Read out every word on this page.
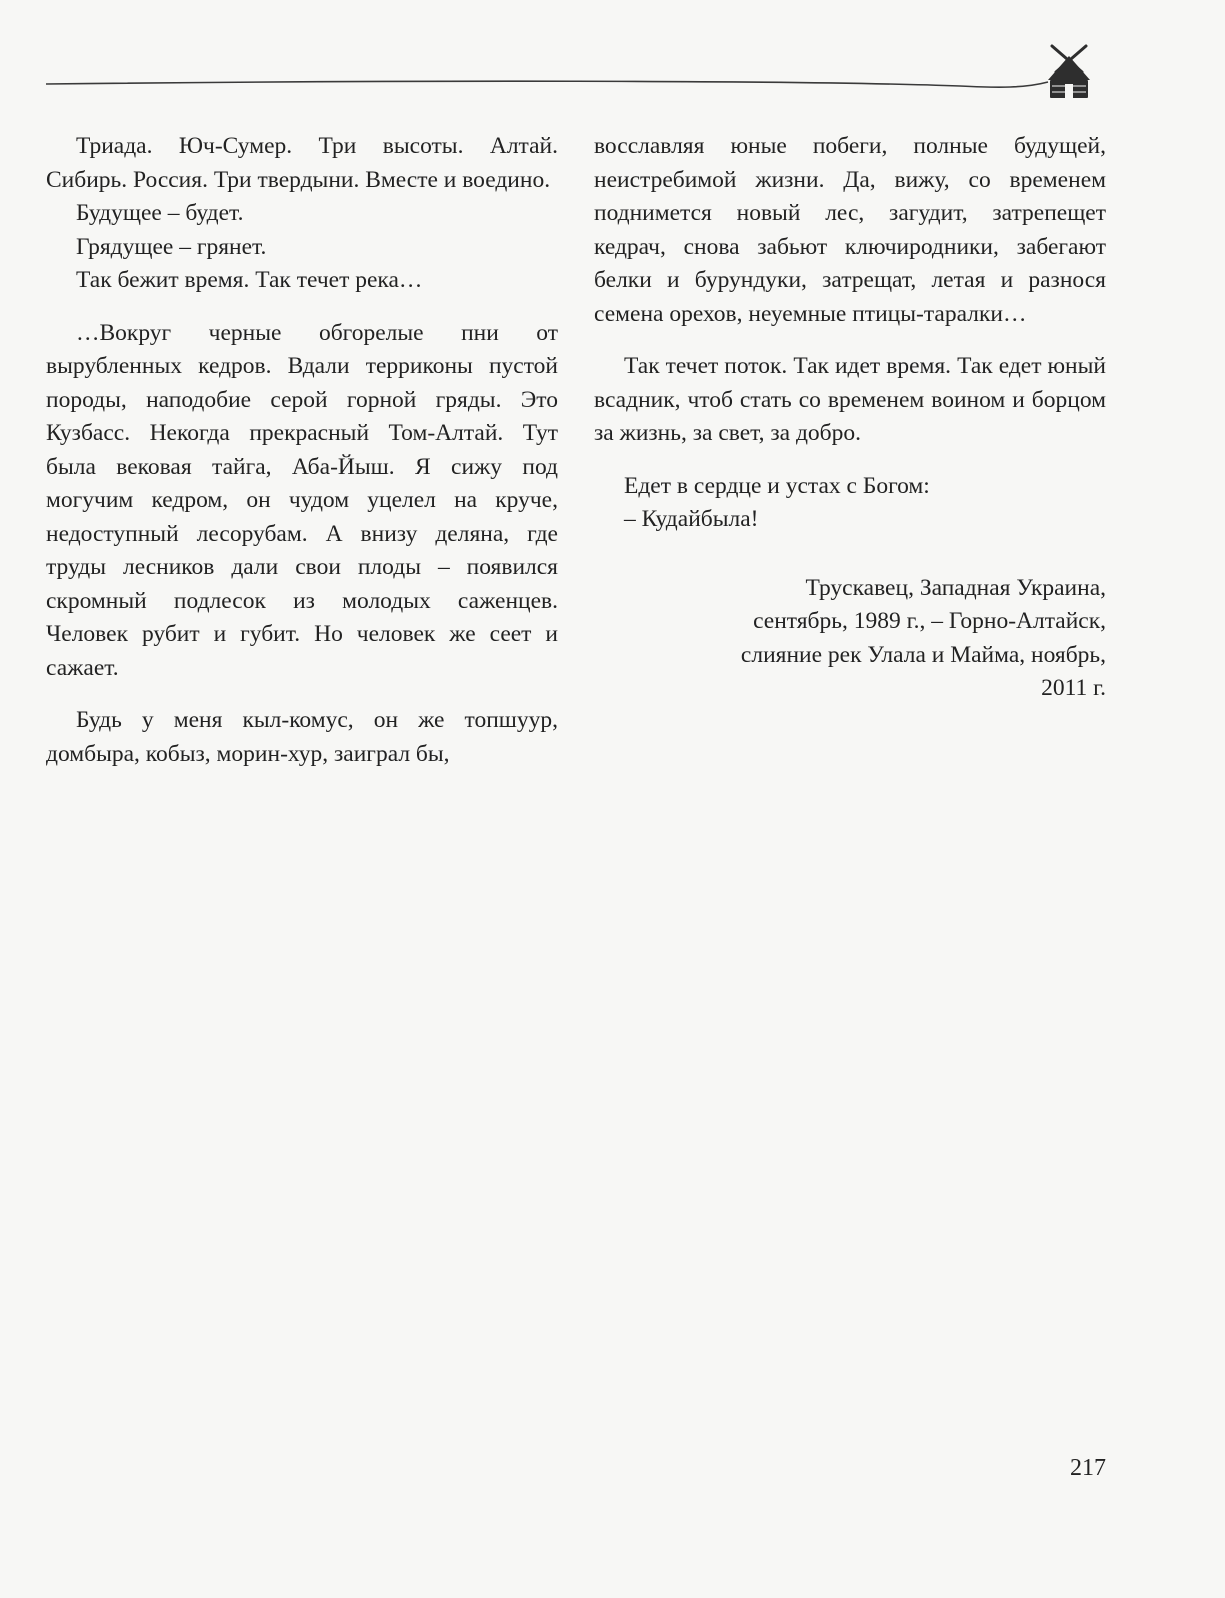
Триада. Юч-Сумер. Три высоты. Алтай. Сибирь. Россия. Три твердыни. Вместе и воедино.

Будущее – будет.

Грядущее – грянет.

Так бежит время. Так течет река…

…Вокруг черные обгорелые пни от вырубленных кедров. Вдали терриконы пустой породы, наподобие серой горной гряды. Это Кузбасс. Некогда прекрасный Том-Алтай. Тут была вековая тайга, Аба-Йыш. Я сижу под могучим кедром, он чудом уцелел на круче, недоступный лесорубам. А внизу деляна, где труды лесников дали свои плоды – появился скромный подлесок из молодых саженцев. Человек рубит и губит. Но человек же сеет и сажает.

Будь у меня кыл-комус, он же топшуур, домбыра, кобыз, морин-хур, заиграл бы,

восславляя юные побеги, полные будущей, неистребимой жизни. Да, вижу, со временем поднимется новый лес, загудит, затрепещет кедрач, снова забьют ключиродники, забегают белки и бурундуки, затрещат, летая и разнося семена орехов, неуемные птицы-таралки…

Так течет поток. Так идет время. Так едет юный всадник, чтоб стать со временем воином и борцом за жизнь, за свет, за добро.

Едет в сердце и устах с Богом:

– Кудайбыла!

Трускавец, Западная Украина,
сентябрь, 1989 г., – Горно-Алтайск,
слияние рек Улала и Майма, ноябрь,
2011 г.
217
